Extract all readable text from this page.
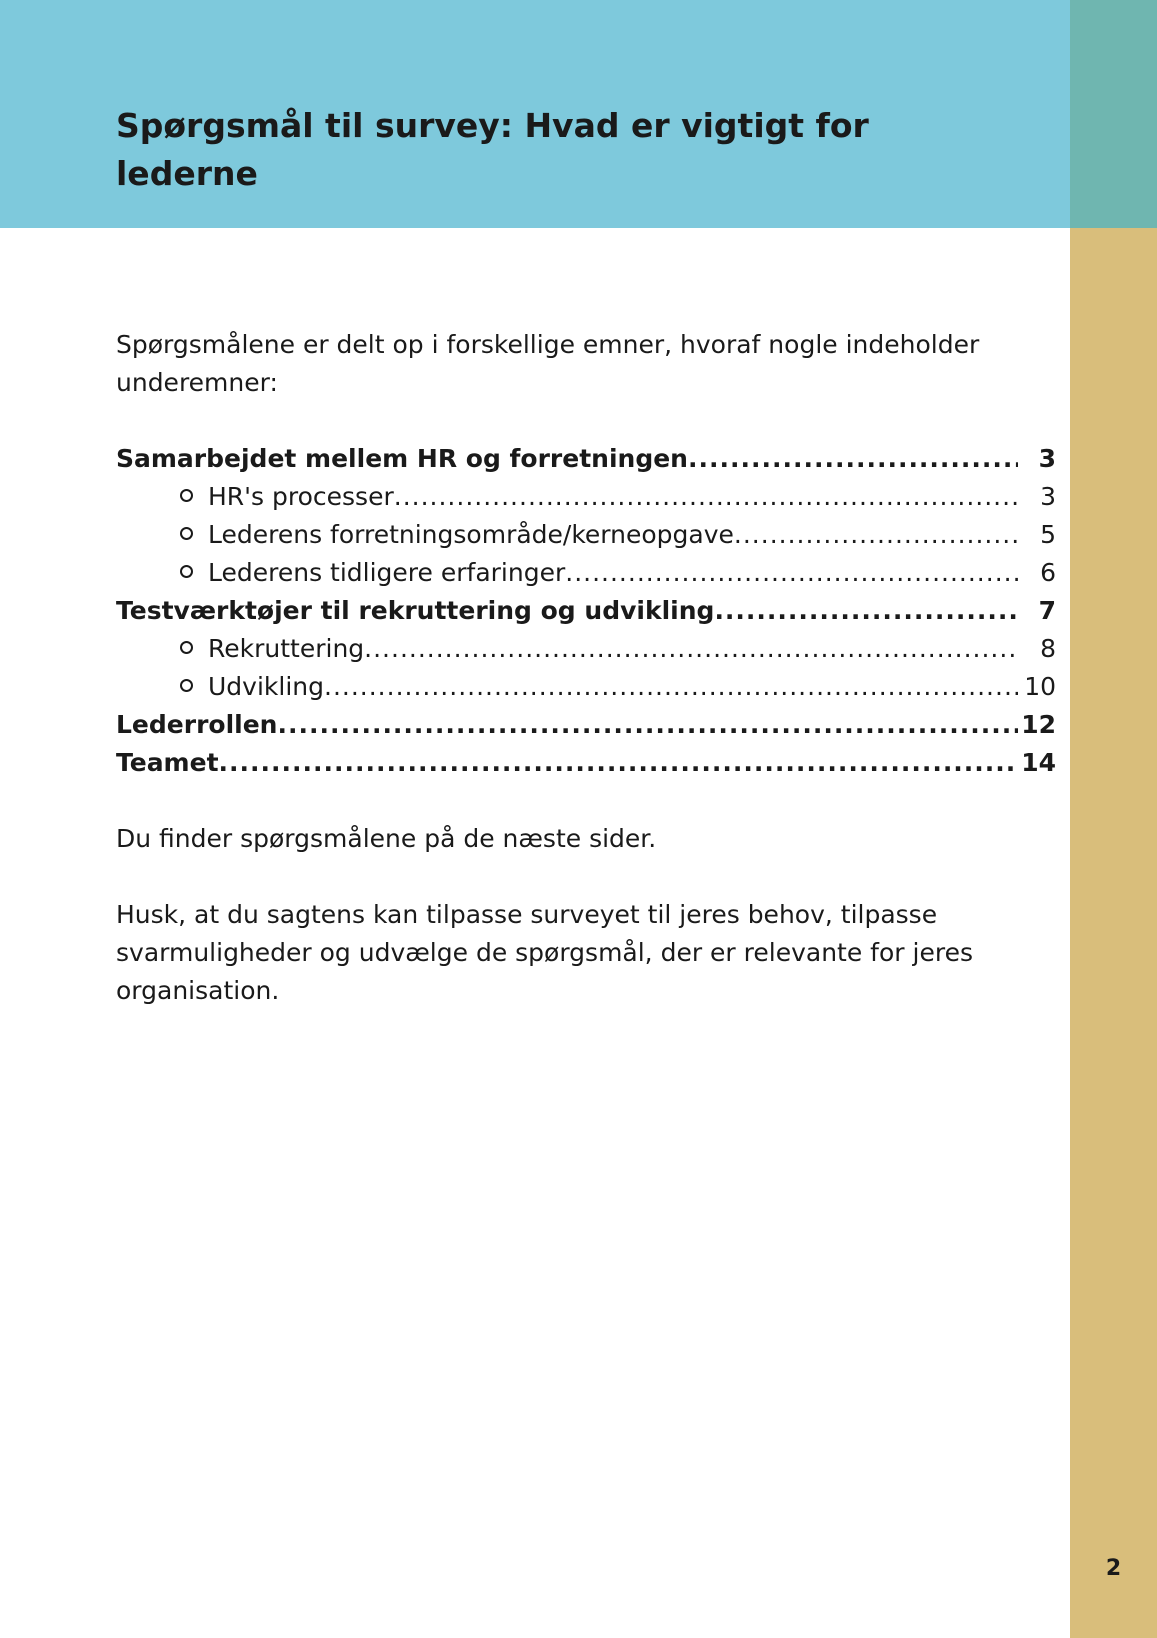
Spørgsmål til survey: Hvad er vigtigt for lederne

Spørgsmålene er delt op i forskellige emner, hvoraf nogle indeholder underemner:

Samarbejdet mellem HR og forretningen .....	3
HR's processer .....	3
Lederens forretningsområde/kerneopgave .....	5
Lederens tidligere erfaringer .....	6
Testværktøjer til rekruttering og udvikling .....	7
Rekruttering .....	8
Udvikling .....	10
Lederrollen .....	12
Teamet .....	14

Du finder spørgsmålene på de næste sider.

Husk, at du sagtens kan tilpasse surveyet til jeres behov, tilpasse svarmuligheder og udvælge de spørgsmål, der er relevante for jeres organisation.

2
